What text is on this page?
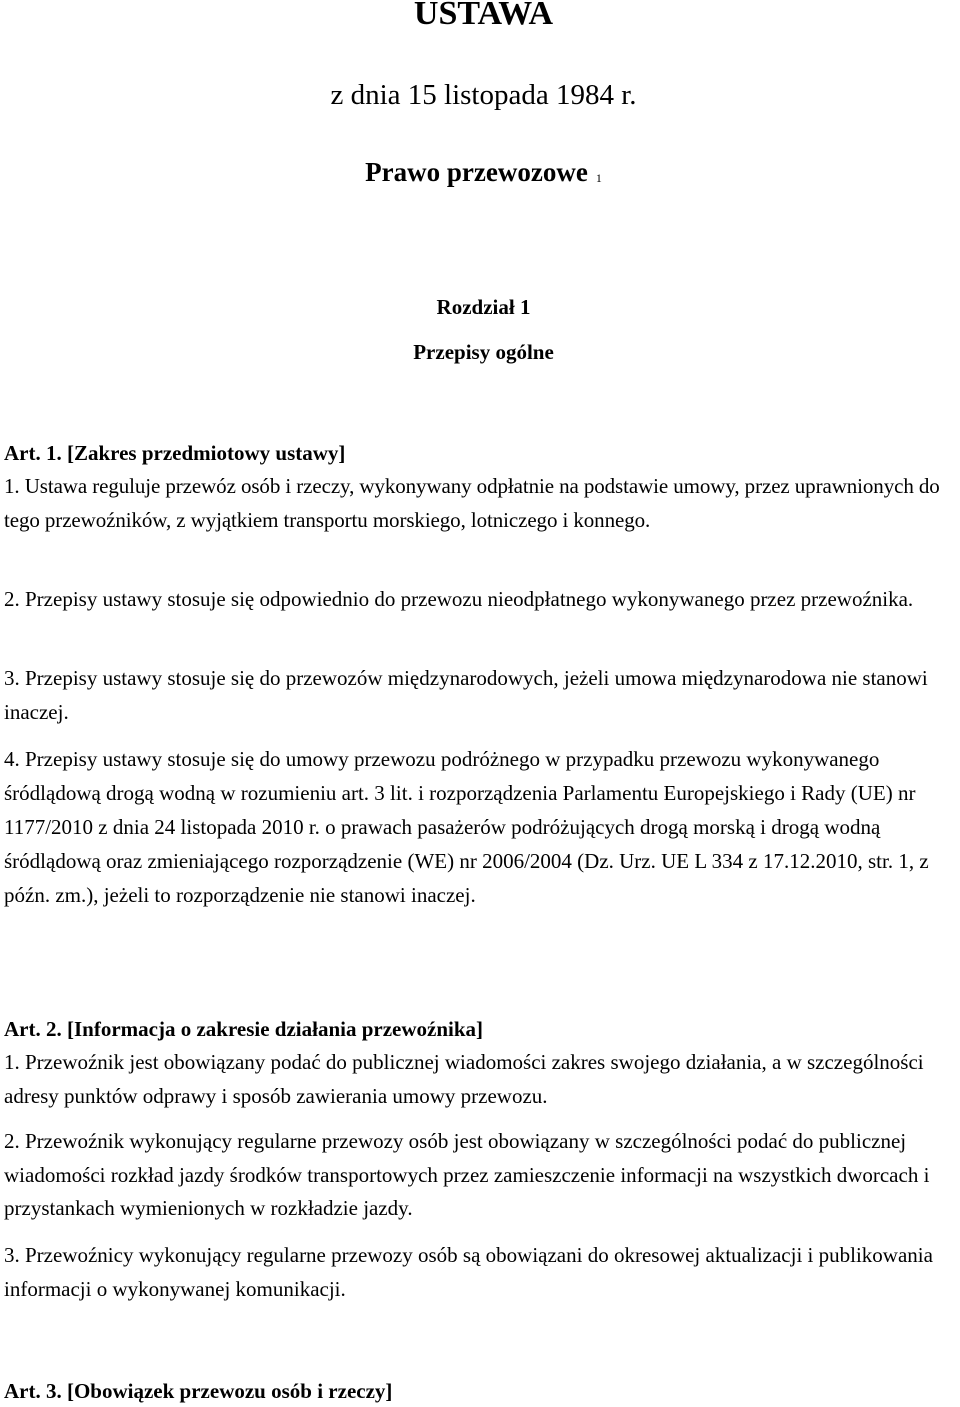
USTAWA

z dnia 15 listopada 1984 r.

Prawo przewozowe $^1$

Rozdział 1

Przepisy ogólne

Art. 1. [Zakres przedmiotowy ustawy]

1. Ustawa reguluje przewóz osób i rzeczy, wykonywany odpłatnie na podstawie umowy, przez uprawnionych do tego przewoźników, z wyjątkiem transportu morskiego, lotniczego i konnego.

2. Przepisy ustawy stosuje się odpowiednio do przewozu nieodpłatnego wykonywanego przez przewoźnika.

3. Przepisy ustawy stosuje się do przewozów międzynarodowych, jeżeli umowa międzynarodowa nie stanowi inaczej.

4. Przepisy ustawy stosuje się do umowy przewozu podróżnego w przypadku przewozu wykonywanego śródlądową drogą wodną w rozumieniu art. 3 lit. i rozporządzenia Parlamentu Europejskiego i Rady (UE) nr 1177/2010 z dnia 24 listopada 2010 r. o prawach pasażerów podróżujących drogą morską i drogą wodną śródlądową oraz zmieniającego rozporządzenie (WE) nr 2006/2004 (Dz. Urz. UE L 334 z 17.12.2010, str. 1, z późn. zm.), jeżeli to rozporządzenie nie stanowi inaczej.

Art. 2. [Informacja o zakresie działania przewoźnika]

1. Przewoźnik jest obowiązany podać do publicznej wiadomości zakres swojego działania, a w szczególności adresy punktów odprawy i sposób zawierania umowy przewozu.

2. Przewoźnik wykonujący regularne przewozy osób jest obowiązany w szczególności podać do publicznej wiadomości rozkład jazdy środków transportowych przez zamieszczenie informacji na wszystkich dworcach i przystankach wymienionych w rozkładzie jazdy.

3. Przewoźnicy wykonujący regularne przewozy osób są obowiązani do okresowej aktualizacji i publikowania informacji o wykonywanej komunikacji.

Art. 3. [Obowiązek przewozu osób i rzeczy]
